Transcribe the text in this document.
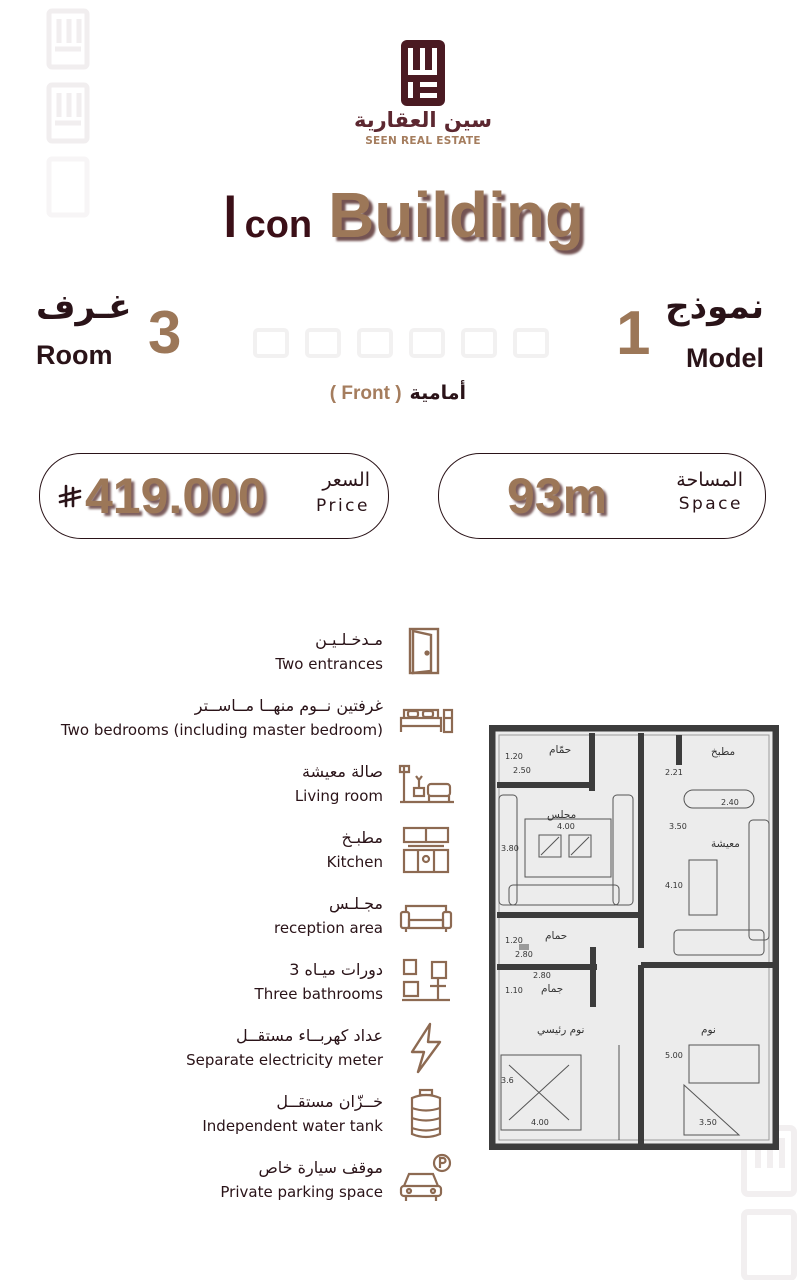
سين العقارية
SEEN REAL ESTATE
I con Building
غـرف
Room 3	1 نموذج
Model
( Front ) أمامية
419.000	السعر
Price	93m	المساحة
Space
مـدخـلـيـن
Two entrances
غرفتين نــوم منهــا مــاســتر
Two bedrooms (including master bedroom)
صالة معيشة
Living room
مطبـخ
Kitchen
مجـلـس
reception area
3 دورات ميـاه
Three bathrooms
عداد كهربــاء مستقــل
Separate electricity meter
خــزّان مستقــل
Independent water tank
موقف سيارة خاص
Private parking space
حمّام	مطبخ
مجلس
معيشة
حمام
جمام
نوم رئيسي	نوم
1.20
2.50	2.21
2.40
4.00	3.50
3.80
4.10
1.20
2.80
2.80
1.10
5.00
3.6
4.00	3.50
